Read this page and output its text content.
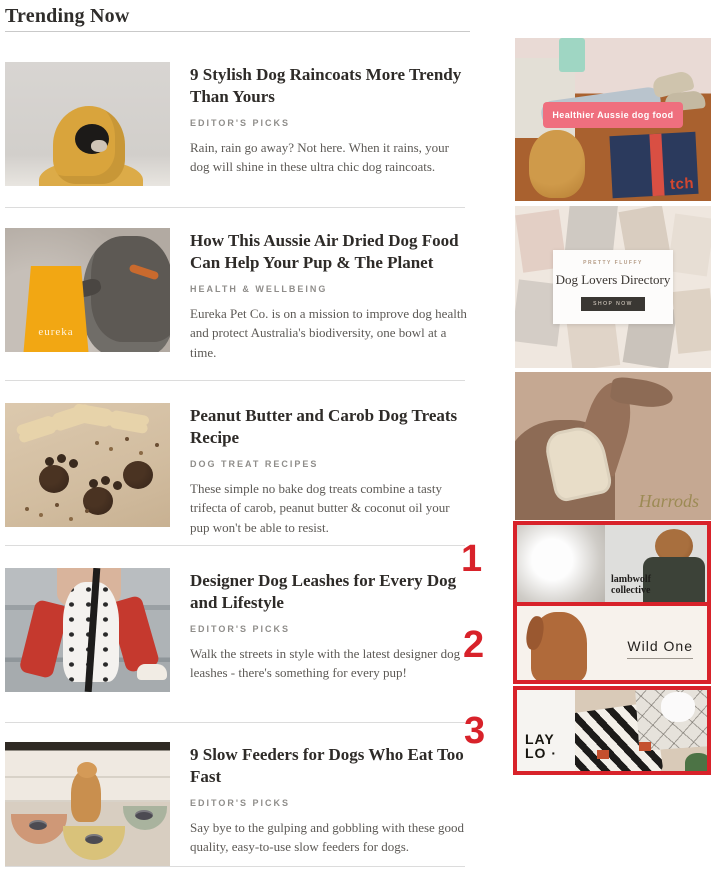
Trending Now
9 Stylish Dog Raincoats More Trendy Than Yours
EDITOR'S PICKS
Rain, rain go away? Not here. When it rains, your dog will shine in these ultra chic dog raincoats.
eureka
How This Aussie Air Dried Dog Food Can Help Your Pup & The Planet
HEALTH & WELLBEING
Eureka Pet Co. is on a mission to improve dog health and protect Australia's biodiversity, one bowl at a time.
Peanut Butter and Carob Dog Treats Recipe
DOG TREAT RECIPES
These simple no bake dog treats combine a tasty trifecta of carob, peanut butter & coconut oil your pup won't be able to resist.
Designer Dog Leashes for Every Dog and Lifestyle
EDITOR'S PICKS
Walk the streets in style with the latest designer dog leashes - there's something for every pup!
9 Slow Feeders for Dogs Who Eat Too Fast
EDITOR'S PICKS
Say bye to the gulping and gobbling with these good quality, easy-to-use slow feeders for dogs.
tch
Healthier Aussie dog food
PRETTY FLUFFY
Dog Lovers Directory
SHOP NOW
Harrods
lambwolf
collective
Wild One
LAY
LO ·
1
2
3
